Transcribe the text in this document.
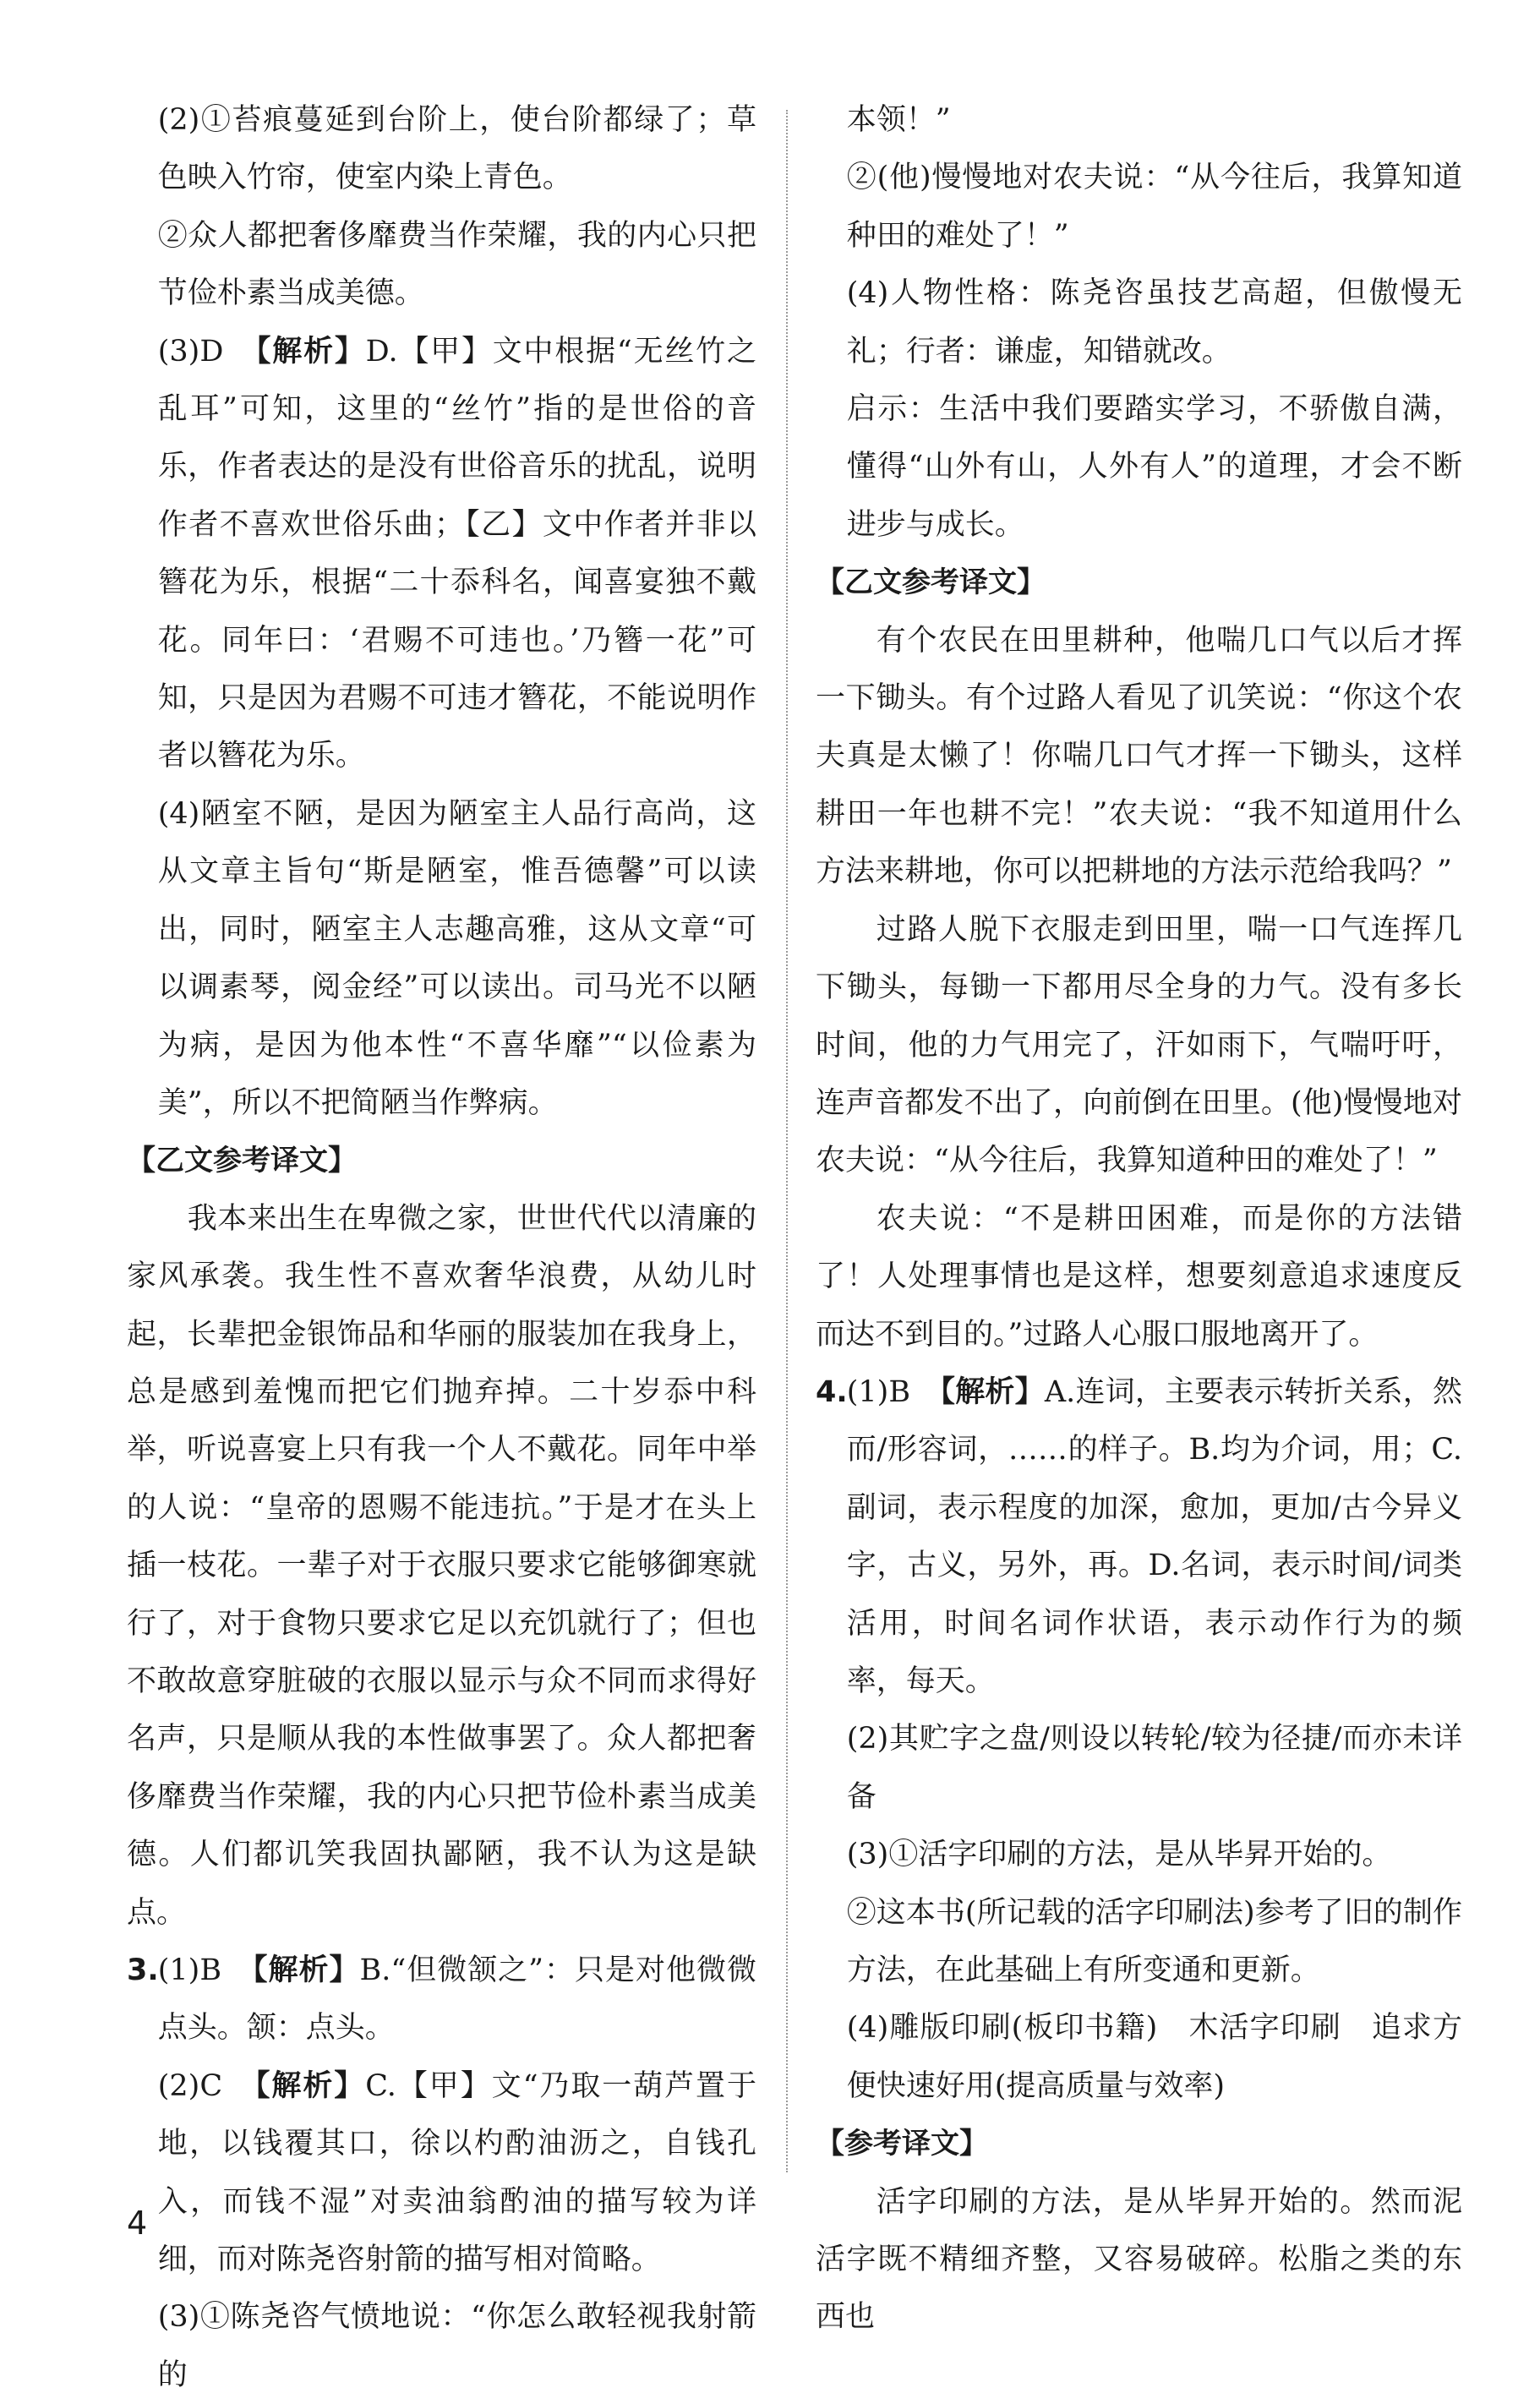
(2)①苔痕蔓延到台阶上，使台阶都绿了；草色映入竹帘，使室内染上青色。

②众人都把奢侈靡费当作荣耀，我的内心只把节俭朴素当成美德。

(3)D　【解析】D.【甲】文中根据“无丝竹之乱耳”可知，这里的“丝竹”指的是世俗的音乐，作者表达的是没有世俗音乐的扰乱，说明作者不喜欢世俗乐曲；【乙】文中作者并非以簪花为乐，根据“二十忝科名，闻喜宴独不戴花。同年曰：‘君赐不可违也。’乃簪一花”可知，只是因为君赐不可违才簪花，不能说明作者以簪花为乐。

(4)陋室不陋，是因为陋室主人品行高尚，这从文章主旨句“斯是陋室，惟吾德馨”可以读出，同时，陋室主人志趣高雅，这从文章“可以调素琴，阅金经”可以读出。司马光不以陋为病，是因为他本性“不喜华靡”“以俭素为美”，所以不把简陋当作弊病。

【乙文参考译文】

我本来出生在卑微之家，世世代代以清廉的家风承袭。我生性不喜欢奢华浪费，从幼儿时起，长辈把金银饰品和华丽的服装加在我身上，总是感到羞愧而把它们抛弃掉。二十岁忝中科举，听说喜宴上只有我一个人不戴花。同年中举的人说：“皇帝的恩赐不能违抗。”于是才在头上插一枝花。一辈子对于衣服只要求它能够御寒就行了，对于食物只要求它足以充饥就行了；但也不敢故意穿脏破的衣服以显示与众不同而求得好名声，只是顺从我的本性做事罢了。众人都把奢侈靡费当作荣耀，我的内心只把节俭朴素当成美德。人们都讥笑我固执鄙陋，我不认为这是缺点。

3.(1)B　【解析】B.“但微颔之”：只是对他微微点头。颔：点头。

(2)C　【解析】C.【甲】文“乃取一葫芦置于地，以钱覆其口，徐以杓酌油沥之，自钱孔入，而钱不湿”对卖油翁酌油的描写较为详细，而对陈尧咨射箭的描写相对简略。

(3)①陈尧咨气愤地说：“你怎么敢轻视我射箭的

本领！”

②(他)慢慢地对农夫说：“从今往后，我算知道种田的难处了！”

(4)人物性格：陈尧咨虽技艺高超，但傲慢无礼；行者：谦虚，知错就改。

启示：生活中我们要踏实学习，不骄傲自满，懂得“山外有山，人外有人”的道理，才会不断进步与成长。

【乙文参考译文】

有个农民在田里耕种，他喘几口气以后才挥一下锄头。有个过路人看见了讥笑说：“你这个农夫真是太懒了！你喘几口气才挥一下锄头，这样耕田一年也耕不完！”农夫说：“我不知道用什么方法来耕地，你可以把耕地的方法示范给我吗？”

过路人脱下衣服走到田里，喘一口气连挥几下锄头，每锄一下都用尽全身的力气。没有多长时间，他的力气用完了，汗如雨下，气喘吁吁，连声音都发不出了，向前倒在田里。(他)慢慢地对农夫说：“从今往后，我算知道种田的难处了！”

农夫说：“不是耕田困难，而是你的方法错了！人处理事情也是这样，想要刻意追求速度反而达不到目的。”过路人心服口服地离开了。

4.(1)B　【解析】A.连词，主要表示转折关系，然而/形容词，……的样子。B.均为介词，用；C.副词，表示程度的加深，愈加，更加/古今异义字，古义，另外，再。D.名词，表示时间/词类活用，时间名词作状语，表示动作行为的频率，每天。

(2)其贮字之盘/则设以转轮/较为径捷/而亦未详备

(3)①活字印刷的方法，是从毕昇开始的。

②这本书(所记载的活字印刷法)参考了旧的制作方法，在此基础上有所变通和更新。

(4)雕版印刷(板印书籍)　木活字印刷　追求方便快速好用(提高质量与效率)

【参考译文】

活字印刷的方法，是从毕昇开始的。然而泥活字既不精细齐整，又容易破碎。松脂之类的东西也

4
